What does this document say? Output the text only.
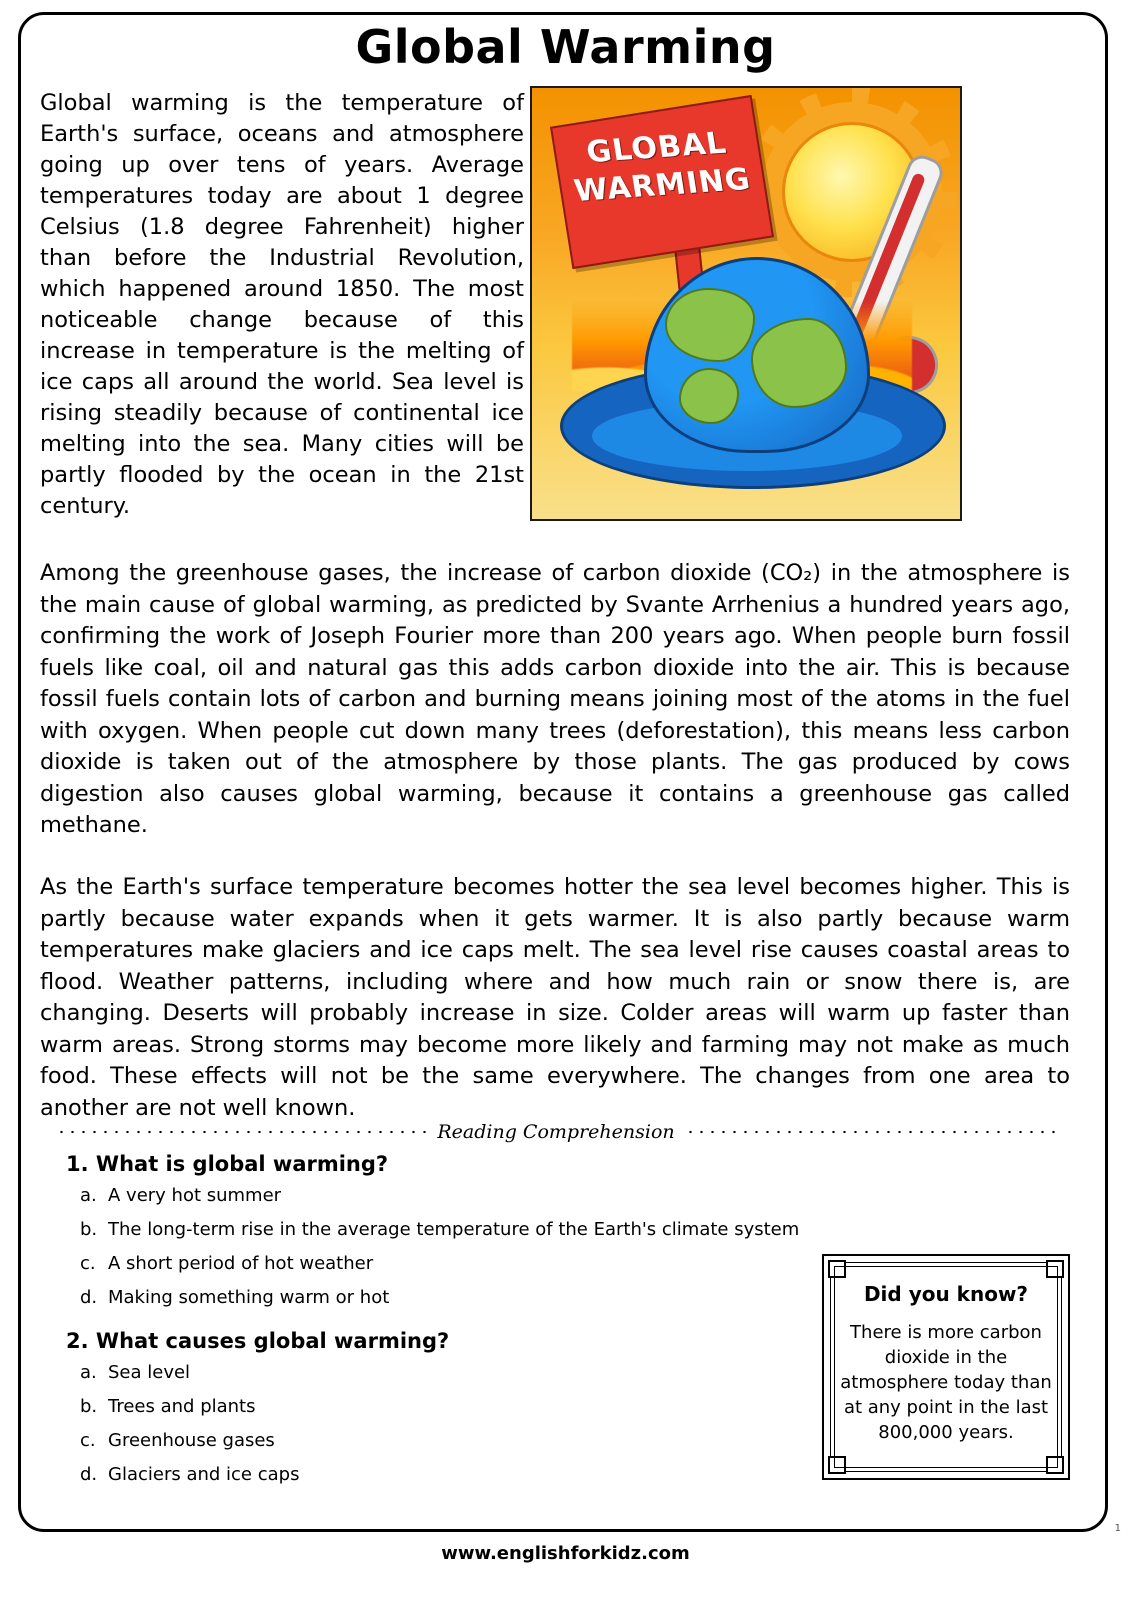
Global Warming
Global warming is the temperature of Earth's surface, oceans and atmosphere going up over tens of years. Average temperatures today are about 1 degree Celsius (1.8 degree Fahrenheit) higher than before the Industrial Revolution, which happened around 1850. The most noticeable change because of this increase in temperature is the melting of ice caps all around the world. Sea level is rising steadily because of continental ice melting into the sea. Many cities will be partly flooded by the ocean in the 21st century.
GLOBAL
WARMING
Among the greenhouse gases, the increase of carbon dioxide (CO₂) in the atmosphere is the main cause of global warming, as predicted by Svante Arrhenius a hundred years ago, confirming the work of Joseph Fourier more than 200 years ago. When people burn fossil fuels like coal, oil and natural gas this adds carbon dioxide into the air. This is because fossil fuels contain lots of carbon and burning means joining most of the atoms in the fuel with oxygen. When people cut down many trees (deforestation), this means less carbon dioxide is taken out of the atmosphere by those plants. The gas produced by cows digestion also causes global warming, because it contains a greenhouse gas called methane.
As the Earth's surface temperature becomes hotter the sea level becomes higher. This is partly because water expands when it gets warmer. It is also partly because warm temperatures make glaciers and ice caps melt. The sea level rise causes coastal areas to flood. Weather patterns, including where and how much rain or snow there is, are changing. Deserts will probably increase in size. Colder areas will warm up faster than warm areas. Strong storms may become more likely and farming may not make as much food. These effects will not be the same everywhere. The changes from one area to another are not well known.
Reading Comprehension
1. What is global warming?
a. A very hot summer
b. The long-term rise in the average temperature of the Earth's climate system
c. A short period of hot weather
d. Making something warm or hot
2. What causes global warming?
a. Sea level
b. Trees and plants
c. Greenhouse gases
d. Glaciers and ice caps
Did you know?
There is more carbon dioxide in the atmosphere today than at any point in the last 800,000 years.
www.englishforkidz.com
1
